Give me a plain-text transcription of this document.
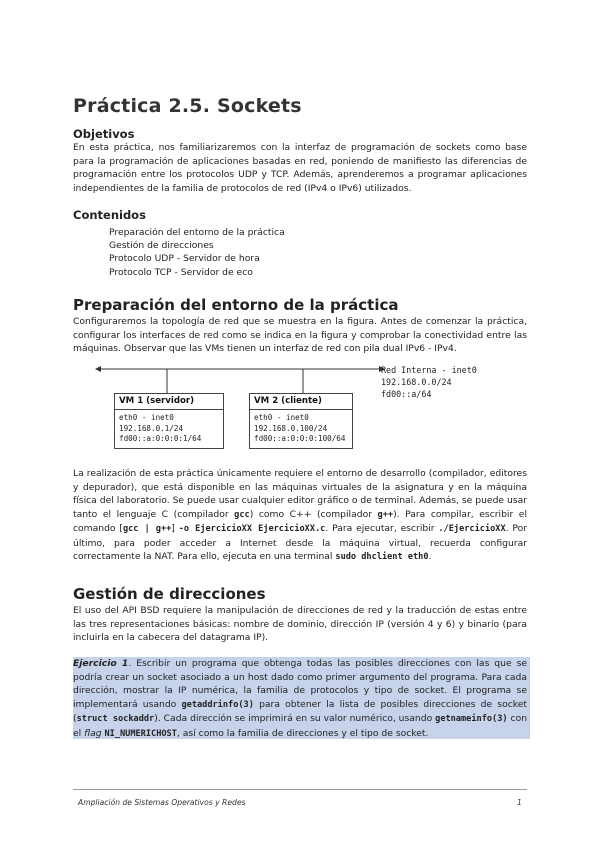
Práctica 2.5. Sockets
Objetivos

En esta práctica, nos familiarizaremos con la interfaz de programación de sockets como base para la programación de aplicaciones basadas en red, poniendo de manifiesto las diferencias de programación entre los protocolos UDP y TCP. Además, aprenderemos a programar aplicaciones independientes de la familia de protocolos de red (IPv4 o IPv6) utilizados.

Contenidos
Preparación del entorno de la práctica
Gestión de direcciones
Protocolo UDP - Servidor de hora
Protocolo TCP - Servidor de eco
Preparación del entorno de la práctica

Configuraremos la topología de red que se muestra en la figura. Antes de comenzar la práctica, configurar los interfaces de red como se indica en la figura y comprobar la conectividad entre las máquinas. Observar que las VMs tienen un interfaz de red con pila dual IPv6 - IPv4.

Red Interna - inet0
192.168.0.0/24
fd00::a/64

VM 1 (servidor)
eth0 - inet0
192.168.0.1/24
fd00::a:0:0:0:1/64
VM 2 (cliente)
eth0 - inet0
192.168.0.100/24
fd00::a:0:0:0:100/64

La realización de esta práctica únicamente requiere el entorno de desarrollo (compilador, editores y depurador), que está disponible en las máquinas virtuales de la asignatura y en la máquina física del laboratorio. Se puede usar cualquier editor gráfico o de terminal. Además, se puede usar tanto el lenguaje C (compilador gcc) como C++ (compilador g++). Para compilar, escribir el comando [gcc | g++] -o EjercicioXX EjercicioXX.c. Para ejecutar, escribir ./EjercicioXX. Por último, para poder acceder a Internet desde la máquina virtual, recuerda configurar correctamente la NAT. Para ello, ejecuta en una terminal sudo dhclient eth0.

Gestión de direcciones

El uso del API BSD requiere la manipulación de direcciones de red y la traducción de estas entre las tres representaciones básicas: nombre de dominio, dirección IP (versión 4 y 6) y binario (para incluirla en la cabecera del datagrama IP).

Ejercicio 1. Escribir un programa que obtenga todas las posibles direcciones con las que se podría crear un socket asociado a un host dado como primer argumento del programa. Para cada dirección, mostrar la IP numérica, la familia de protocolos y tipo de socket. El programa se implementará usando getaddrinfo(3) para obtener la lista de posibles direcciones de socket (struct sockaddr). Cada dirección se imprimirá en su valor numérico, usando getnameinfo(3) con el flag NI_NUMERICHOST, así como la familia de direcciones y el tipo de socket.

Ampliación de Sistemas Operativos y Redes	1
